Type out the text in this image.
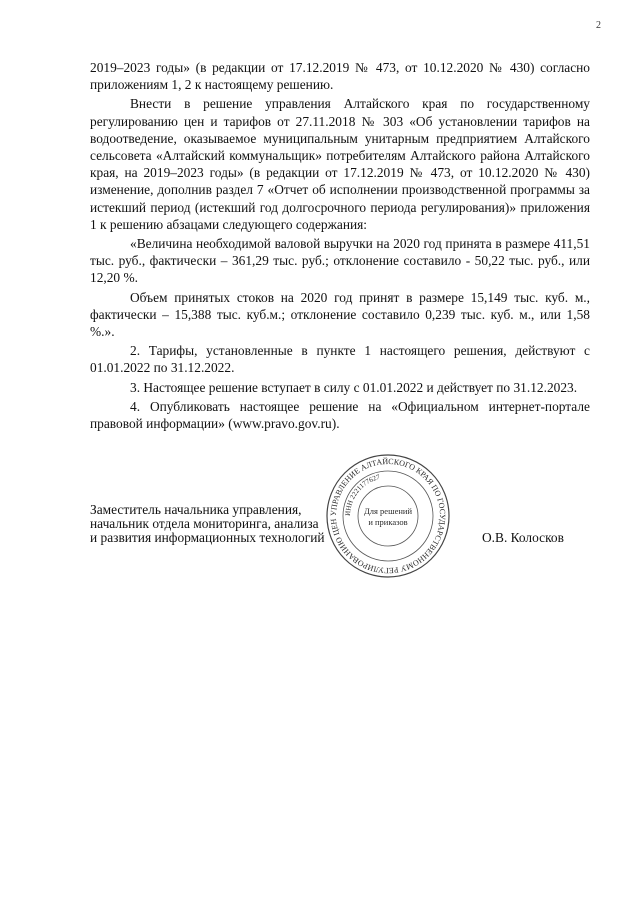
2

2019–2023 годы» (в редакции от 17.12.2019 № 473, от 10.12.2020 № 430) согласно приложениям 1, 2 к настоящему решению.

Внести в решение управления Алтайского края по государственному регулированию цен и тарифов от 27.11.2018 № 303 «Об установлении тарифов на водоотведение, оказываемое муниципальным унитарным предприятием Алтайского сельсовета «Алтайский коммунальщик» потребителям Алтайского района Алтайского края, на 2019–2023 годы» (в редакции от 17.12.2019 № 473, от 10.12.2020 № 430) изменение, дополнив раздел 7 «Отчет об исполнении производственной программы за истекший период (истекший год долгосрочного периода регулирования)» приложения 1 к решению абзацами следующего содержания:

«Величина необходимой валовой выручки на 2020 год принята в размере 411,51 тыс. руб., фактически – 361,29 тыс. руб.; отклонение составило - 50,22 тыс. руб., или 12,20 %.

Объем принятых стоков на 2020 год принят в размере 15,149 тыс. куб. м., фактически – 15,388 тыс. куб.м.; отклонение составило 0,239 тыс. куб. м., или 1,58 %.».

2. Тарифы, установленные в пункте 1 настоящего решения, действуют с 01.01.2022 по 31.12.2022.

3. Настоящее решение вступает в силу с 01.01.2022 и действует по 31.12.2023.

4. Опубликовать настоящее решение на «Официальном интернет-портале правовой информации» (www.pravo.gov.ru).

Заместитель начальника управления,
начальник отдела мониторинга, анализа
и развития информационных технологий	О.В. Колосков
УПРАВЛЕНИЕ АЛТАЙСКОГО КРАЯ ПО ГОСУДАРСТВЕННОМУ РЕГУЛИРОВАНИЮ ЦЕН
ИНН 2221177627
Для решений
и приказов
